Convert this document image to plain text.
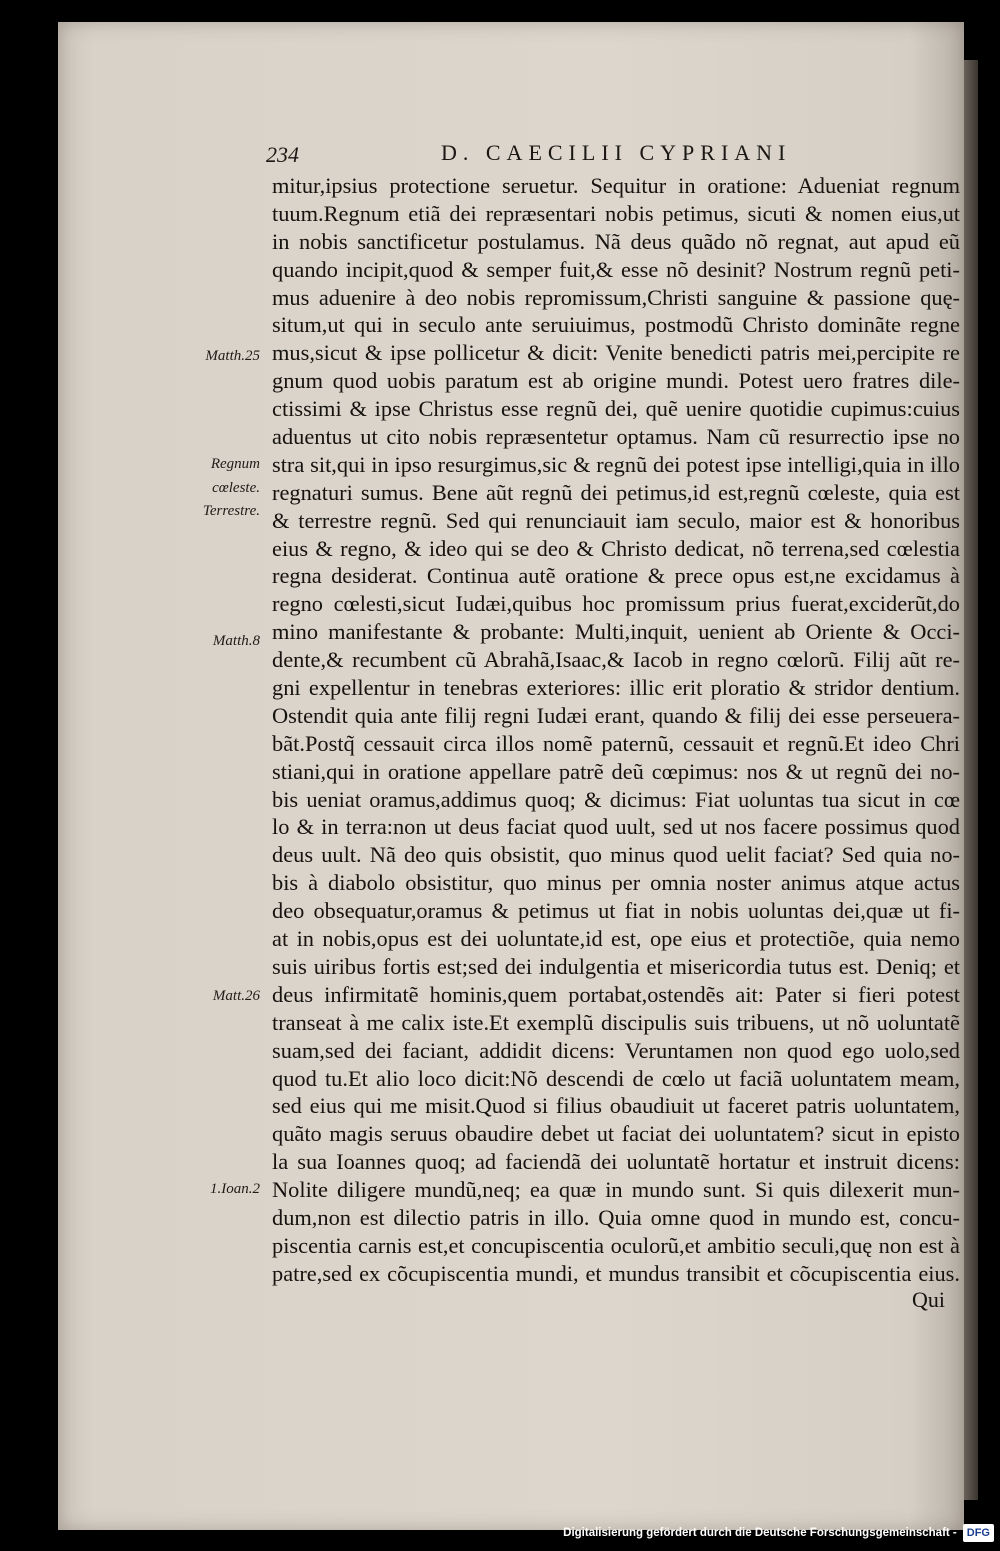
234	D. CAECILII CYPRIANI
Matth.25
Regnum
cœleste.
Terrestre.
Matth.8
Matt.26
1.Ioan.2
mitur,ipsius protectione seruetur. Sequitur in oratione: Adueniat regnum
tuum.Regnum etiã dei repræsentari nobis petimus, sicuti & nomen eius,ut
in nobis sanctificetur postulamus. Nã deus quãdo nõ regnat, aut apud eũ
quando incipit,quod & semper fuit,& esse nõ desinit? Nostrum regnũ peti-
mus aduenire à deo nobis repromissum,Christi sanguine & passione quę-
situm,ut qui in seculo ante seruiuimus, postmodũ Christo dominãte regne
mus,sicut & ipse pollicetur & dicit: Venite benedicti patris mei,percipite re
gnum quod uobis paratum est ab origine mundi. Potest uero fratres dile-
ctissimi & ipse Christus esse regnũ dei, quẽ uenire quotidie cupimus:cuius
aduentus ut cito nobis repræsentetur optamus. Nam cũ resurrectio ipse no
stra sit,qui in ipso resurgimus,sic & regnũ dei potest ipse intelligi,quia in illo
regnaturi sumus. Bene aũt regnũ dei petimus,id est,regnũ cœleste, quia est
& terrestre regnũ. Sed qui renunciauit iam seculo, maior est & honoribus
eius & regno, & ideo qui se deo & Christo dedicat, nõ terrena,sed cœlestia
regna desiderat. Continua autẽ oratione & prece opus est,ne excidamus à
regno cœlesti,sicut Iudæi,quibus hoc promissum prius fuerat,exciderũt,do
mino manifestante & probante: Multi,inquit, uenient ab Oriente & Occi-
dente,& recumbent cũ Abrahã,Isaac,& Iacob in regno cœlorũ. Filij aũt re-
gni expellentur in tenebras exteriores: illic erit ploratio & stridor dentium.
Ostendit quia ante filij regni Iudæi erant, quando & filij dei esse perseuera-
bãt.Postq̃ cessauit circa illos nomẽ paternũ, cessauit et regnũ.Et ideo Chri
stiani,qui in oratione appellare patrẽ deũ cœpimus: nos & ut regnũ dei no-
bis ueniat oramus,addimus quoq; & dicimus: Fiat uoluntas tua sicut in cœ
lo & in terra:non ut deus faciat quod uult, sed ut nos facere possimus quod
deus uult. Nã deo quis obsistit, quo minus quod uelit faciat? Sed quia no-
bis à diabolo obsistitur, quo minus per omnia noster animus atque actus
deo obsequatur,oramus & petimus ut fiat in nobis uoluntas dei,quæ ut fi-
at in nobis,opus est dei uoluntate,id est, ope eius et protectiõe, quia nemo
suis uiribus fortis est;sed dei indulgentia et misericordia tutus est. Deniq; et
deus infirmitatẽ hominis,quem portabat,ostendẽs ait: Pater si fieri potest
transeat à me calix iste.Et exemplũ discipulis suis tribuens, ut nõ uoluntatẽ
suam,sed dei faciant, addidit dicens: Veruntamen non quod ego uolo,sed
quod tu.Et alio loco dicit:Nõ descendi de cœlo ut faciã uoluntatem meam,
sed eius qui me misit.Quod si filius obaudiuit ut faceret patris uoluntatem,
quãto magis seruus obaudire debet ut faciat dei uoluntatem? sicut in episto
la sua Ioannes quoq; ad faciendã dei uoluntatẽ hortatur et instruit dicens:
Nolite diligere mundũ,neq; ea quæ in mundo sunt. Si quis dilexerit mun-
dum,non est dilectio patris in illo. Quia omne quod in mundo est, concu-
piscentia carnis est,et concupiscentia oculorũ,et ambitio seculi,quę non est à
patre,sed ex cõcupiscentia mundi, et mundus transibit et cõcupiscentia eius.
Qui
Digitalisierung gefördert durch die Deutsche Forschungsgemeinschaft - DFG
